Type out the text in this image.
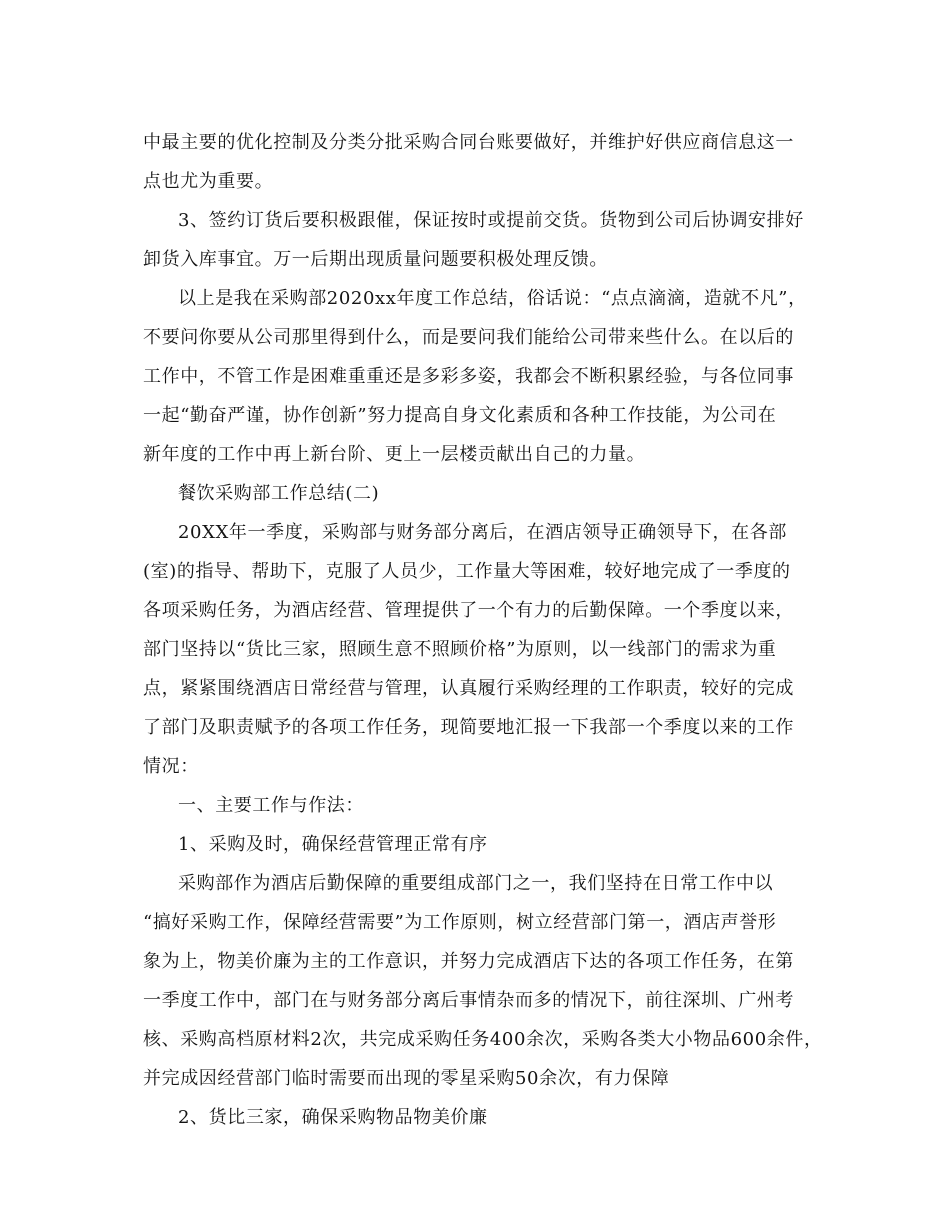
中最主要的优化控制及分类分批采购合同台账要做好，并维护好供应商信息这一
点也尤为重要。
3、签约订货后要积极跟催，保证按时或提前交货。货物到公司后协调安排好
卸货入库事宜。万一后期出现质量问题要积极处理反馈。
以上是我在采购部2020xx年度工作总结，俗话说：“点点滴滴，造就不凡”，
不要问你要从公司那里得到什么，而是要问我们能给公司带来些什么。在以后的
工作中，不管工作是困难重重还是多彩多姿，我都会不断积累经验，与各位同事
一起“勤奋严谨，协作创新”努力提高自身文化素质和各种工作技能，为公司在
新年度的工作中再上新台阶、更上一层楼贡献出自己的力量。
餐饮采购部工作总结(二)
20XX年一季度，采购部与财务部分离后，在酒店领导正确领导下，在各部
(室)的指导、帮助下，克服了人员少，工作量大等困难，较好地完成了一季度的
各项采购任务，为酒店经营、管理提供了一个有力的后勤保障。一个季度以来，
部门坚持以“货比三家，照顾生意不照顾价格”为原则，以一线部门的需求为重
点，紧紧围绕酒店日常经营与管理，认真履行采购经理的工作职责，较好的完成
了部门及职责赋予的各项工作任务，现简要地汇报一下我部一个季度以来的工作
情况：
一、主要工作与作法：
1、采购及时，确保经营管理正常有序
采购部作为酒店后勤保障的重要组成部门之一，我们坚持在日常工作中以
“搞好采购工作，保障经营需要”为工作原则，树立经营部门第一，酒店声誉形
象为上，物美价廉为主的工作意识，并努力完成酒店下达的各项工作任务，在第
一季度工作中，部门在与财务部分离后事情杂而多的情况下，前往深圳、广州考
核、采购高档原材料2次，共完成采购任务400余次，采购各类大小物品600余件，
并完成因经营部门临时需要而出现的零星采购50余次，有力保障
2、货比三家，确保采购物品物美价廉
